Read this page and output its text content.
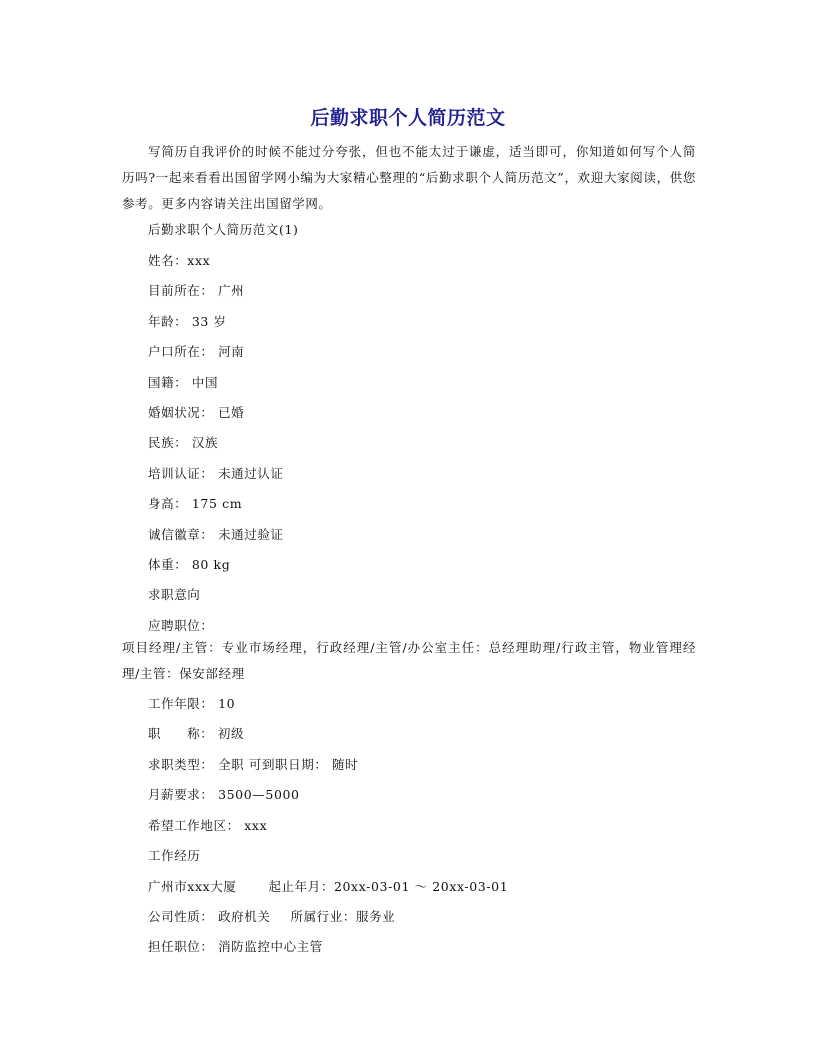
后勤求职个人简历范文
写简历自我评价的时候不能过分夸张，但也不能太过于谦虚，适当即可，你知道如何写个人简历吗?一起来看看出国留学网小编为大家精心整理的“后勤求职个人简历范文”，欢迎大家阅读，供您参考。更多内容请关注出国留学网。
后勤求职个人简历范文(1)
姓名：xxx
目前所在： 广州
年龄： 33 岁
户口所在： 河南
国籍： 中国
婚姻状况： 已婚
民族： 汉族
培训认证： 未通过认证
身高： 175 cm
诚信徽章： 未通过验证
体重： 80 kg
求职意向
应聘职位：
项目经理/主管：专业市场经理，行政经理/主管/办公室主任：总经理助理/行政主管，物业管理经理/主管：保安部经理
工作年限： 10
职 称： 初级
求职类型： 全职 可到职日期： 随时
月薪要求： 3500—5000
希望工作地区： xxx
工作经历
广州市xxx大厦	起止年月：20xx-03-01 ～ 20xx-03-01
公司性质： 政府机关 所属行业：服务业
担任职位： 消防监控中心主管
